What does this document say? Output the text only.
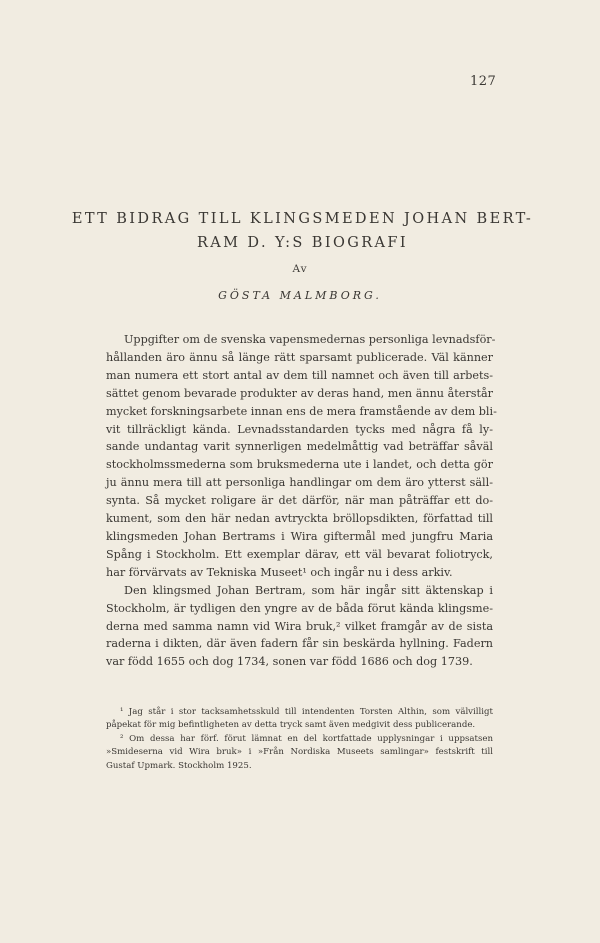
127
ETT BIDRAG TILL KLINGSMEDEN JOHAN BERT-
RAM D. Y:S BIOGRAFI
Av
GÖSTA MALMBORG.
Uppgifter om de svenska vapensmedernas personliga levnadsför-
hållanden äro ännu så länge rätt sparsamt publicerade. Väl känner
man numera ett stort antal av dem till namnet och även till arbets-
sättet genom bevarade produkter av deras hand, men ännu återstår
mycket forskningsarbete innan ens de mera framstående av dem bli-
vit tillräckligt kända. Levnadsstandarden tycks med några få ly-
sande undantag varit synnerligen medelmåttig vad beträffar såväl
stockholmssmederna som bruksmederna ute i landet, och detta gör
ju ännu mera till att personliga handlingar om dem äro ytterst säll-
synta. Så mycket roligare är det därför, när man påträffar ett do-
kument, som den här nedan avtryckta bröllopsdikten, författad till
klingsmeden Johan Bertrams i Wira giftermål med jungfru Maria
Spång i Stockholm. Ett exemplar därav, ett väl bevarat foliotryck,
har förvärvats av Tekniska Museet¹ och ingår nu i dess arkiv.
Den klingsmed Johan Bertram, som här ingår sitt äktenskap i
Stockholm, är tydligen den yngre av de båda förut kända klingsme-
derna med samma namn vid Wira bruk,² vilket framgår av de sista
raderna i dikten, där även fadern får sin beskärda hyllning. Fadern
var född 1655 och dog 1734, sonen var född 1686 och dog 1739.
¹ Jag står i stor tacksamhetsskuld till intendenten Torsten Althin, som välvilligt
påpekat för mig befintligheten av detta tryck samt även medgivit dess publicerande.
² Om dessa har förf. förut lämnat en del kortfattade upplysningar i uppsatsen
»Smideserna vid Wira bruk» i »Från Nordiska Museets samlingar» festskrift till
Gustaf Upmark. Stockholm 1925.
